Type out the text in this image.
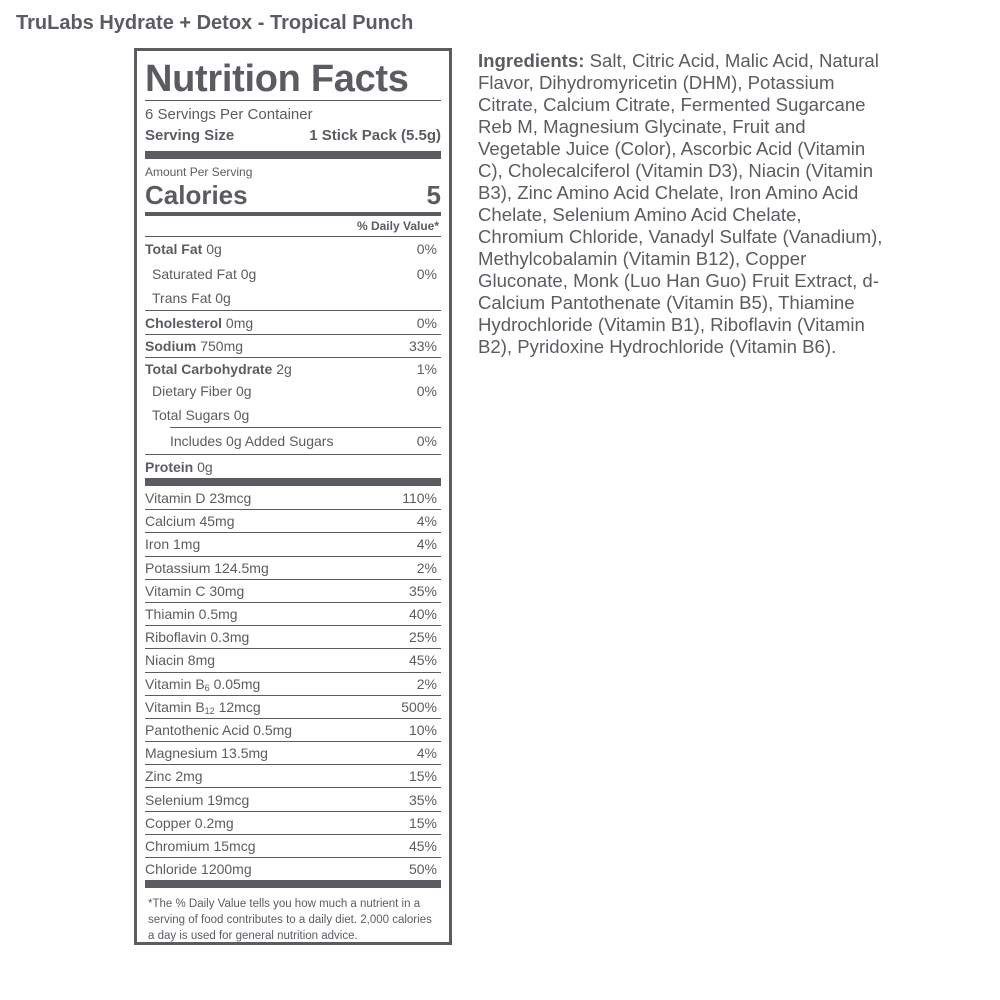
TruLabs Hydrate + Detox - Tropical Punch
Nutrition Facts
6 Servings Per Container
Serving Size	1 Stick Pack (5.5g)
Amount Per Serving
Calories	5
% Daily Value*
Total Fat 0g	0%
Saturated Fat 0g	0%
Trans Fat 0g
Cholesterol 0mg	0%
Sodium 750mg	33%
Total Carbohydrate 2g	1%
Dietary Fiber 0g	0%
Total Sugars 0g
Includes 0g Added Sugars	0%
Protein 0g
Vitamin D 23mcg	110%
Calcium 45mg	4%
Iron 1mg	4%
Potassium 124.5mg	2%
Vitamin C 30mg	35%
Thiamin 0.5mg	40%
Riboflavin 0.3mg	25%
Niacin 8mg	45%
Vitamin $B_6$ 0.05mg	2%
Vitamin $B_{12}$ 12mcg	500%
Pantothenic Acid 0.5mg	10%
Magnesium 13.5mg	4%
Zinc 2mg	15%
Selenium 19mcg	35%
Copper 0.2mg	15%
Chromium 15mcg	45%
Chloride 1200mg	50%
*The % Daily Value tells you how much a nutrient in a serving of food contributes to a daily diet. 2,000 calories a day is used for general nutrition advice.
Ingredients: Salt, Citric Acid, Malic Acid, Natural Flavor, Dihydromyricetin (DHM), Potassium Citrate, Calcium Citrate, Fermented Sugarcane Reb M, Magnesium Glycinate, Fruit and Vegetable Juice (Color), Ascorbic Acid (Vitamin C), Cholecalciferol (Vitamin D3), Niacin (Vitamin B3), Zinc Amino Acid Chelate, Iron Amino Acid Chelate, Selenium Amino Acid Chelate, Chromium Chloride, Vanadyl Sulfate (Vanadium), Methylcobalamin (Vitamin B12), Copper Gluconate, Monk (Luo Han Guo) Fruit Extract, d-Calcium Pantothenate (Vitamin B5), Thiamine Hydrochloride (Vitamin B1), Riboflavin (Vitamin B2), Pyridoxine Hydrochloride (Vitamin B6).
